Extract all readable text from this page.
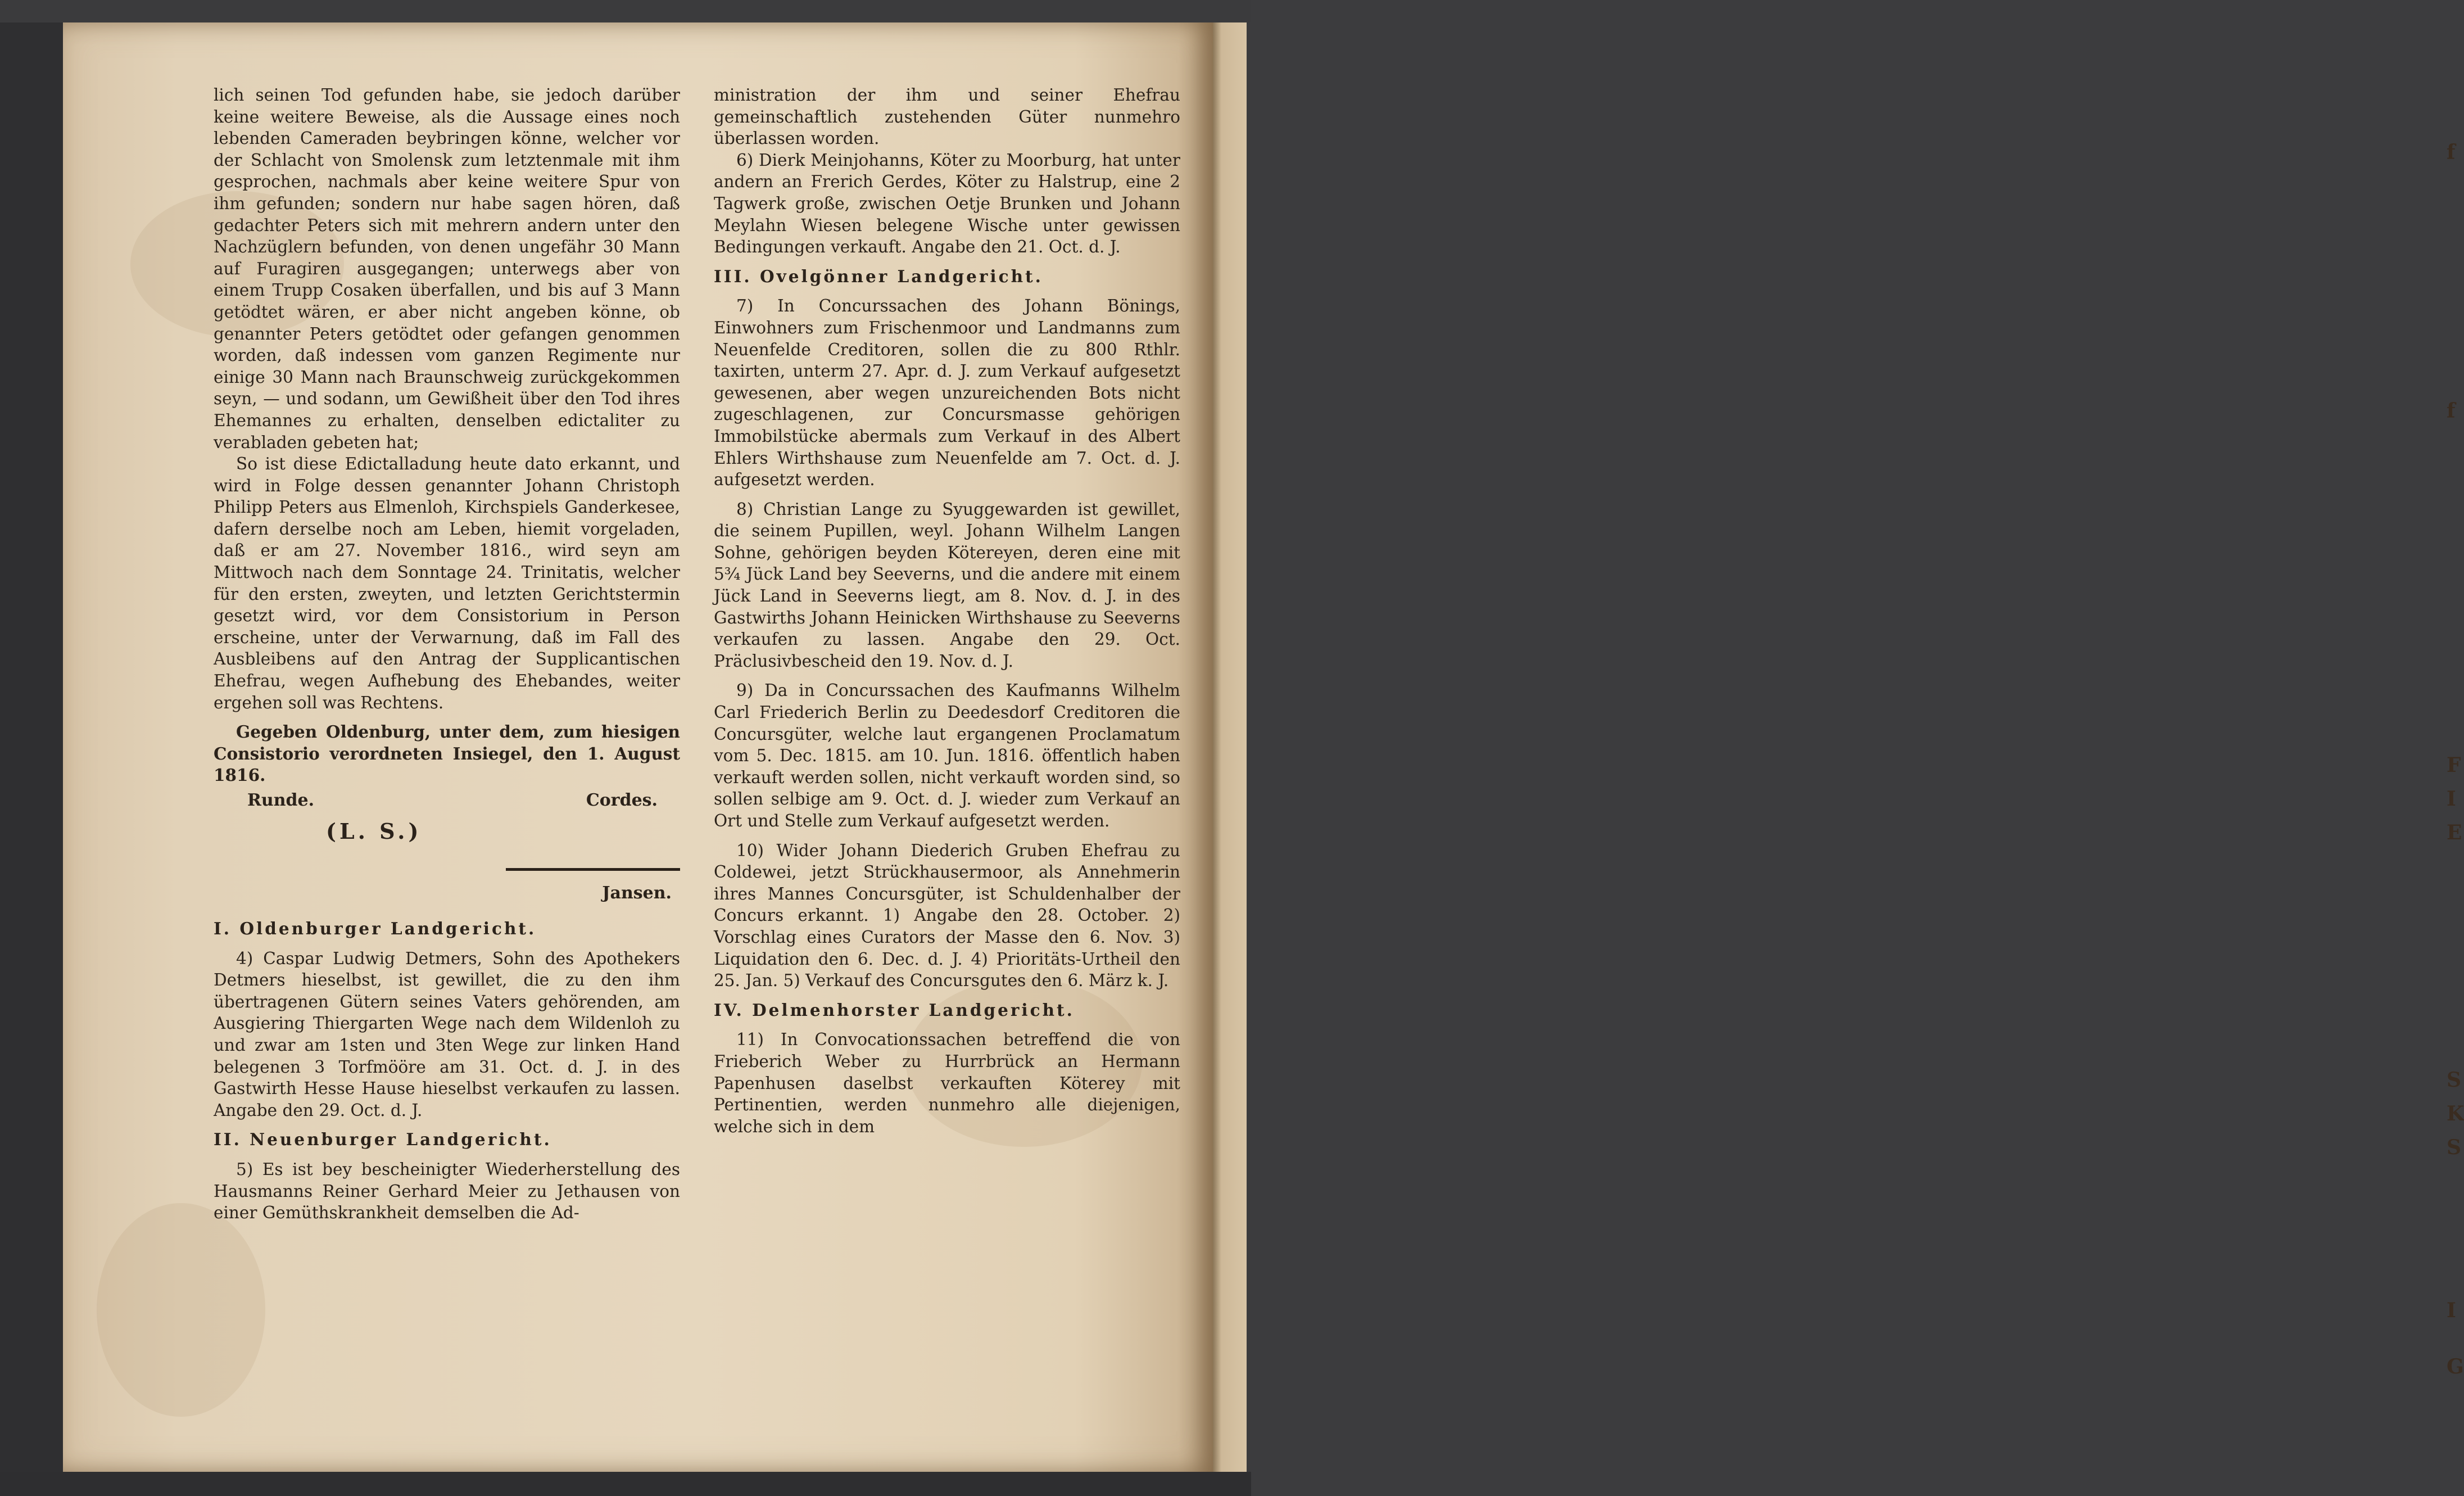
f
f
F
I
E
S
K
S
I
G

lich seinen Tod gefunden habe, sie jedoch darüber keine weitere Beweise, als die Aussage eines noch lebenden Cameraden beybringen könne, welcher vor der Schlacht von Smolensk zum letztenmale mit ihm gesprochen, nachmals aber keine weitere Spur von ihm gefunden; sondern nur habe sagen hören, daß gedachter Peters sich mit mehrern andern unter den Nachzüglern befunden, von denen ungefähr 30 Mann auf Furagiren ausgegangen; unterwegs aber von einem Trupp Cosaken überfallen, und bis auf 3 Mann getödtet wären, er aber nicht angeben könne, ob genannter Peters getödtet oder gefangen genommen worden, daß indessen vom ganzen Regimente nur einige 30 Mann nach Braunschweig zurückgekommen seyn, — und sodann, um Gewißheit über den Tod ihres Ehemannes zu erhalten, denselben edictaliter zu verabladen gebeten hat;

So ist diese Edictalladung heute dato erkannt, und wird in Folge dessen genannter Johann Christoph Philipp Peters aus Elmenloh, Kirchspiels Ganderkesee, dafern derselbe noch am Leben, hiemit vorgeladen, daß er am 27. November 1816., wird seyn am Mittwoch nach dem Sonntage 24. Trinitatis, welcher für den ersten, zweyten, und letzten Gerichtstermin gesetzt wird, vor dem Consistorium in Person erscheine, unter der Verwarnung, daß im Fall des Ausbleibens auf den Antrag der Supplicantischen Ehefrau, wegen Aufhebung des Ehebandes, weiter ergehen soll was Rechtens.

Gegeben Oldenburg, unter dem, zum hiesigen Consistorio verordneten Insiegel, den 1. August 1816.

Runde.	Cordes.
(L. S.)
Jansen.

I. Oldenburger Landgericht.

4) Caspar Ludwig Detmers, Sohn des Apothekers Detmers hieselbst, ist gewillet, die zu den ihm übertragenen Gütern seines Vaters gehörenden, am Ausgiering Thiergarten Wege nach dem Wildenloh zu und zwar am 1sten und 3ten Wege zur linken Hand belegenen 3 Torfmööre am 31. Oct. d. J. in des Gastwirth Hesse Hause hieselbst verkaufen zu lassen. Angabe den 29. Oct. d. J.

II. Neuenburger Landgericht.

5) Es ist bey bescheinigter Wiederherstellung des Hausmanns Reiner Gerhard Meier zu Jethausen von einer Gemüthskrankheit demselben die Ad-

ministration der ihm und seiner Ehefrau gemeinschaftlich zustehenden Güter nunmehro überlassen worden.

6) Dierk Meinjohanns, Köter zu Moorburg, hat unter andern an Frerich Gerdes, Köter zu Halstrup, eine 2 Tagwerk große, zwischen Oetje Brunken und Johann Meylahn Wiesen belegene Wische unter gewissen Bedingungen verkauft. Angabe den 21. Oct. d. J.

III. Ovelgönner Landgericht.

7) In Concurssachen des Johann Bönings, Einwohners zum Frischenmoor und Landmanns zum Neuenfelde Creditoren, sollen die zu 800 Rthlr. taxirten, unterm 27. Apr. d. J. zum Verkauf aufgesetzt gewesenen, aber wegen unzureichenden Bots nicht zugeschlagenen, zur Concursmasse gehörigen Immobilstücke abermals zum Verkauf in des Albert Ehlers Wirthshause zum Neuenfelde am 7. Oct. d. J. aufgesetzt werden.

8) Christian Lange zu Syuggewarden ist gewillet, die seinem Pupillen, weyl. Johann Wilhelm Langen Sohne, gehörigen beyden Kötereyen, deren eine mit 5¾ Jück Land bey Seeverns, und die andere mit einem Jück Land in Seeverns liegt, am 8. Nov. d. J. in des Gastwirths Johann Heinicken Wirthshause zu Seeverns verkaufen zu lassen. Angabe den 29. Oct. Präclusivbescheid den 19. Nov. d. J.

9) Da in Concurssachen des Kaufmanns Wilhelm Carl Friederich Berlin zu Deedesdorf Creditoren die Concursgüter, welche laut ergangenen Proclamatum vom 5. Dec. 1815. am 10. Jun. 1816. öffentlich haben verkauft werden sollen, nicht verkauft worden sind, so sollen selbige am 9. Oct. d. J. wieder zum Verkauf an Ort und Stelle zum Verkauf aufgesetzt werden.

10) Wider Johann Diederich Gruben Ehefrau zu Coldewei, jetzt Strückhausermoor, als Annehmerin ihres Mannes Concursgüter, ist Schuldenhalber der Concurs erkannt. 1) Angabe den 28. October. 2) Vorschlag eines Curators der Masse den 6. Nov. 3) Liquidation den 6. Dec. d. J. 4) Prioritäts-Urtheil den 25. Jan. 5) Verkauf des Concursgutes den 6. März k. J.

IV. Delmenhorster Landgericht.

11) In Convocationssachen betreffend die von Frieberich Weber zu Hurrbrück an Hermann Papenhusen daselbst verkauften Köterey mit Pertinentien, werden nunmehro alle diejenigen, welche sich in dem
